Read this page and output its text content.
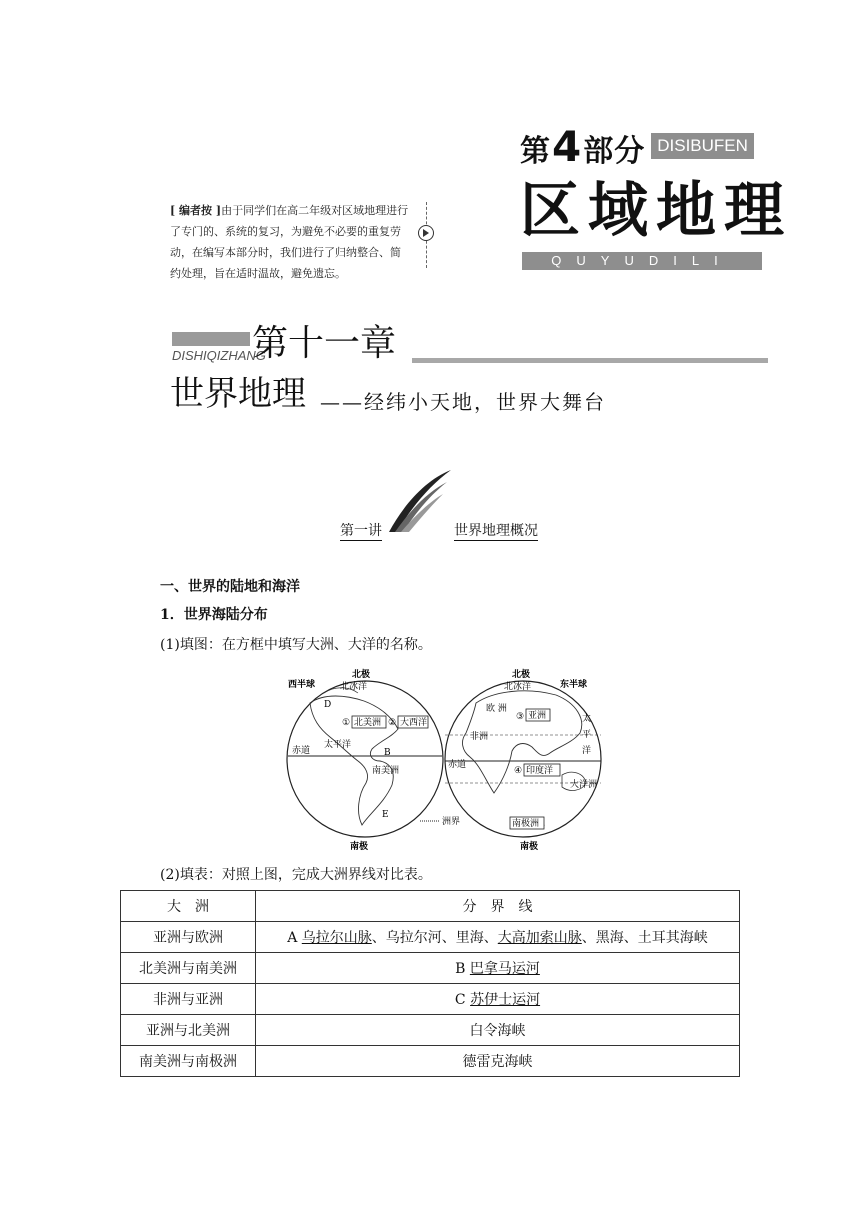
第4部分 DISIBUFEN
区域地理
QUYUDILI
[ 编者按 ]由于同学们在高二年级对区域地理进行了专门的、系统的复习，为避免不必要的重复劳动，在编写本部分时，我们进行了归纳整合、简约处理，旨在适时温故，避免遗忘。
DISHIQIZHANG
第十一章
世界地理 ——经纬小天地，世界大舞台
第一讲	世界地理概况
一、世界的陆地和海洋
1．世界海陆分布
(1)填图：在方框中填写大洲、大洋的名称。
西半球
北极
北冰洋
D
① 北美洲 ② 大西洋
太平洋
赤道	B
南美洲
E
南极
北极
东半球
北冰洋
欧 洲
③ 亚洲
非洲
赤道
④ 印度洋
太
平
洋
大洋洲
南极洲
南极
洲界
(2)填表：对照上图，完成大洲界线对比表。
大　洲	分　界　线
亚洲与欧洲	A 乌拉尔山脉、乌拉尔河、里海、大高加索山脉、黑海、土耳其海峡
北美洲与南美洲	B 巴拿马运河
非洲与亚洲	C 苏伊士运河
亚洲与北美洲	白令海峡
南美洲与南极洲	德雷克海峡
